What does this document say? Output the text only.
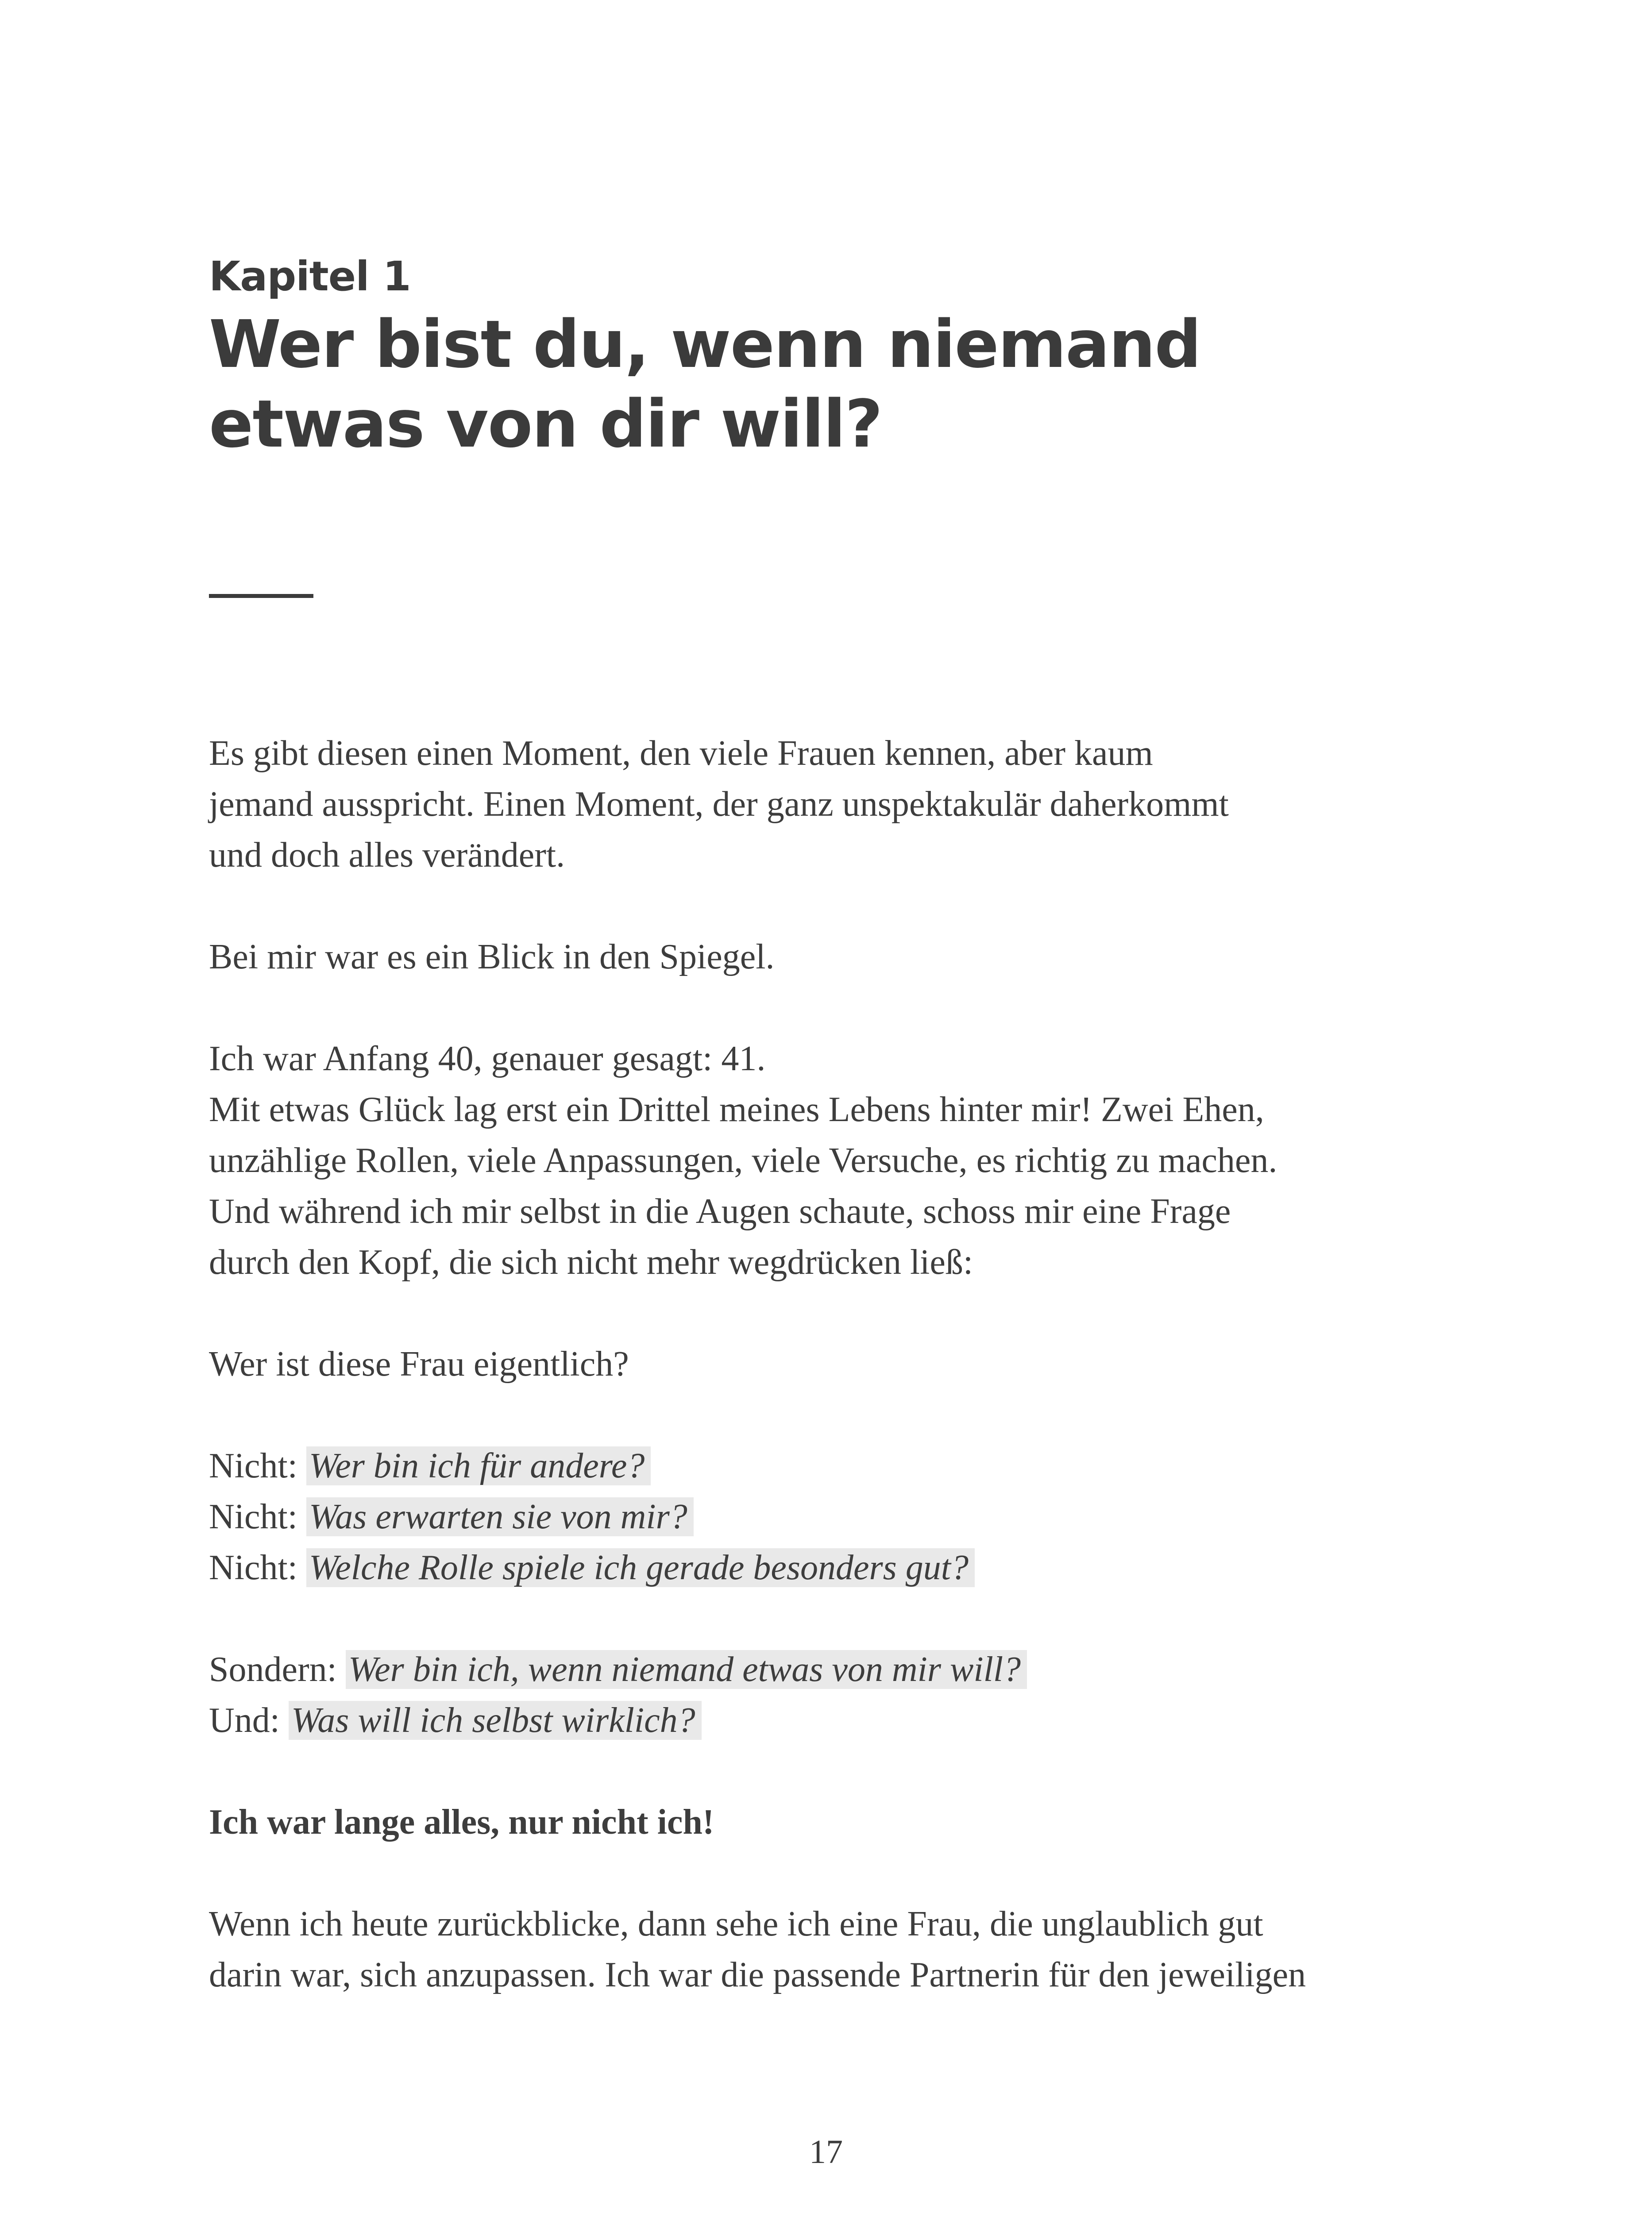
Kapitel 1
Wer bist du, wenn niemand
etwas von dir will?

Es gibt diesen einen Moment, den viele Frauen kennen, aber kaum
jemand ausspricht. Einen Moment, der ganz unspektakulär daherkommt
und doch alles verändert.

Bei mir war es ein Blick in den Spiegel.

Ich war Anfang 40, genauer gesagt: 41.
Mit etwas Glück lag erst ein Drittel meines Lebens hinter mir! Zwei Ehen,
unzählige Rollen, viele Anpassungen, viele Versuche, es richtig zu machen.
Und während ich mir selbst in die Augen schaute, schoss mir eine Frage
durch den Kopf, die sich nicht mehr wegdrücken ließ:

Wer ist diese Frau eigentlich?

Nicht: Wer bin ich für andere?
Nicht: Was erwarten sie von mir?
Nicht: Welche Rolle spiele ich gerade besonders gut?

Sondern: Wer bin ich, wenn niemand etwas von mir will?
Und: Was will ich selbst wirklich?

Ich war lange alles, nur nicht ich!

Wenn ich heute zurückblicke, dann sehe ich eine Frau, die unglaublich gut
darin war, sich anzupassen. Ich war die passende Partnerin für den jeweiligen

17
